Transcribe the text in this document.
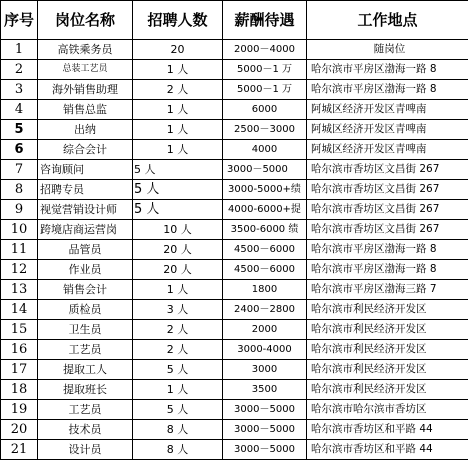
序号	岗位名称	招聘人数	薪酬待遇	工作地点
1	高铁乘务员	20	2000－4000	随岗位
2	总装工艺员	1 人	5000－1 万	哈尔滨市平房区渤海一路 8
3	海外销售助理	2 人	5000－1 万	哈尔滨市平房区渤海一路 8
4	销售总监	1 人	6000	阿城区经济开发区青啤南
5	出纳	1 人	2500－3000	阿城区经济开发区青啤南
6	综合会计	1 人	4000	阿城区经济开发区青啤南
7	咨询顾问	5 人	3000－5000	哈尔滨市香坊区文昌街 267
8	招聘专员	5 人	3000-5000+绩	哈尔滨市香坊区文昌街 267
9	视觉营销设计师	5 人	4000-6000+提	哈尔滨市香坊区文昌街 267
10	跨境店商运营岗	10 人	3500-6000 绩	哈尔滨市香坊区文昌街 267
11	品管员	20 人	4500－6000	哈尔滨市平房区渤海一路 8
12	作业员	20 人	4500－6000	哈尔滨市平房区渤海一路 8
13	销售会计	1 人	1800	哈尔滨市平房区渤海三路 7
14	质检员	3 人	2400－2800	哈尔滨市利民经济开发区
15	卫生员	2 人	2000	哈尔滨市利民经济开发区
16	工艺员	2 人	3000-4000	哈尔滨市利民经济开发区
17	提取工人	5 人	3000	哈尔滨市利民经济开发区
18	提取班长	1 人	3500	哈尔滨市利民经济开发区
19	工艺员	5 人	3000－5000	哈尔滨市哈尔滨市香坊区
20	技术员	8 人	3000－5000	哈尔滨市香坊区和平路 44
21	设计员	8 人	3000－5000	哈尔滨市香坊区和平路 44
